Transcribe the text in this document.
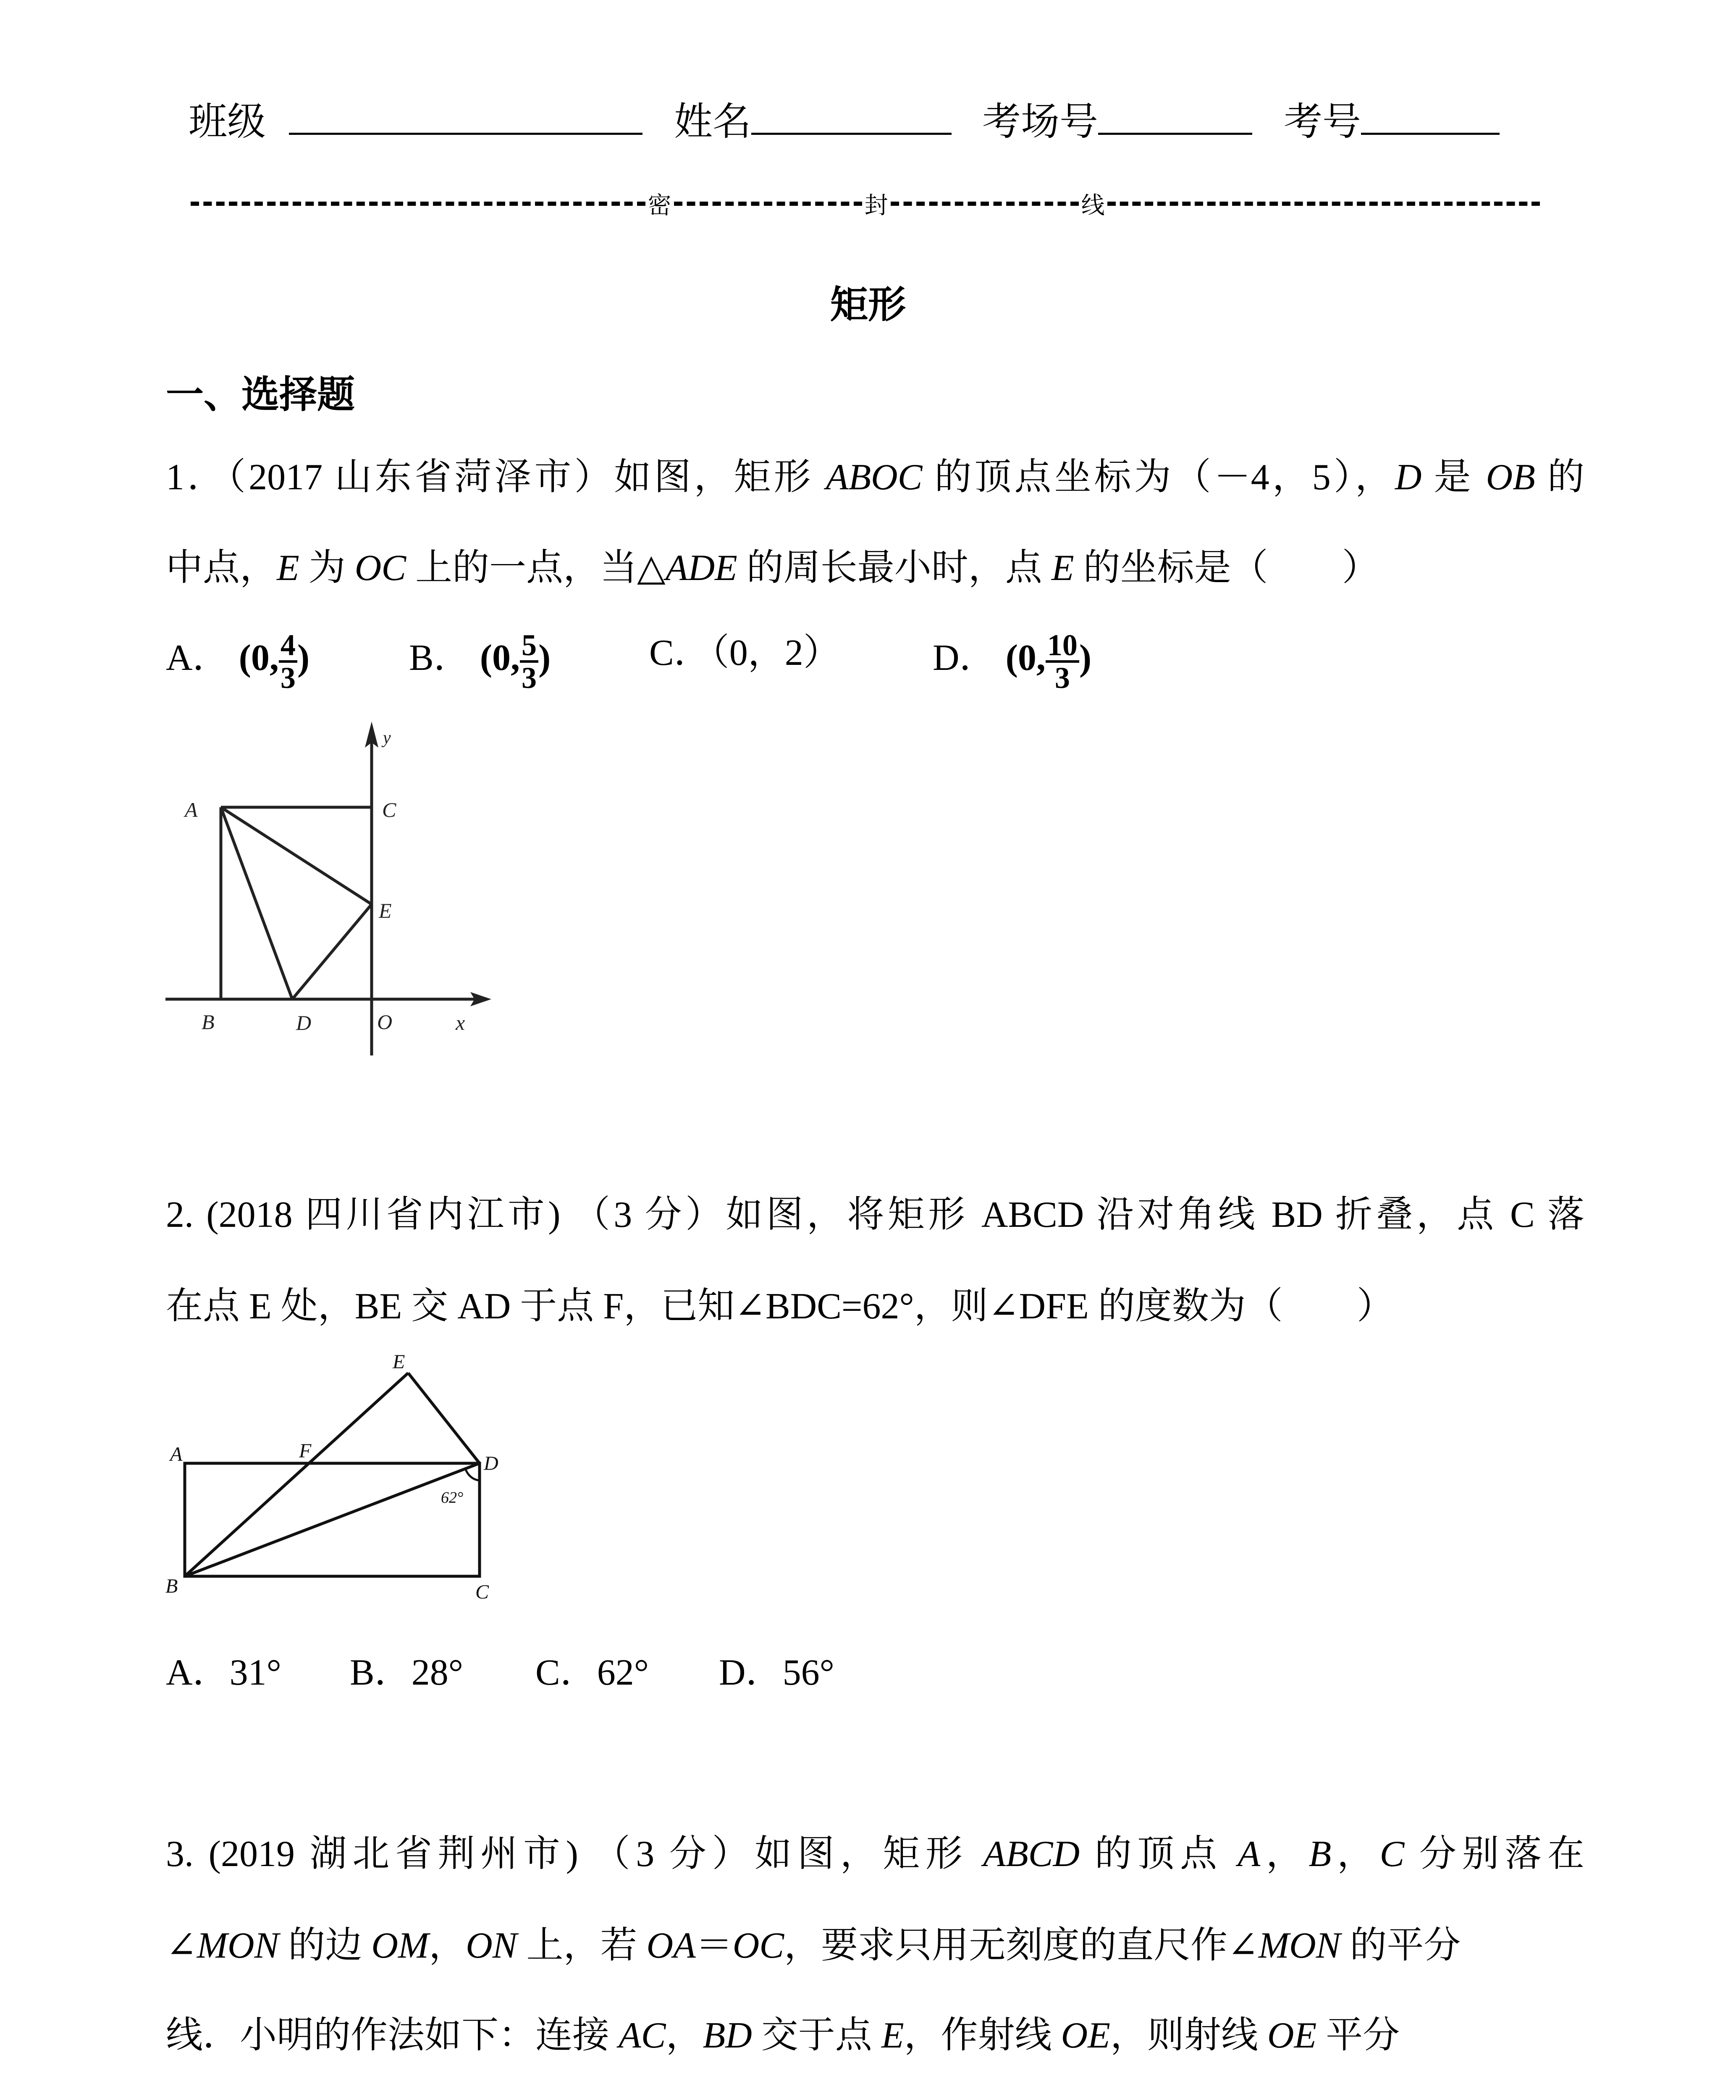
班级	姓名	考场号	考号
密	封	线
矩形
一、选择题
1．（2017 山东省菏泽市）如图，矩形 ABOC 的顶点坐标为（－4，5），D 是 OB 的
中点，E 为 OC 上的一点，当△ADE 的周长最小时，点 E 的坐标是（　　）
A． (0, $\frac{4}{3}$ )	B． (0, $\frac{5}{3}$ )	C．（0，2）	D． (0, $\frac{10}{3}$ )
A	C
E
B	D	O	x
y
2. (2018 四川省内江市) （3 分）如图，将矩形 ABCD 沿对角线 BD 折叠，点 C 落
在点 E 处，BE 交 AD 于点 F，已知∠BDC=62°，则∠DFE 的度数为（　　）
E
A	F
D
B	C
62°
A．31° B．28° C．62° D．56°
3. (2019 湖北省荆州市) （3 分）如图，矩形 ABCD 的顶点 A，B，C 分别落在
∠MON 的边 OM，ON 上，若 OA＝OC，要求只用无刻度的直尺作∠MON 的平分
线．小明的作法如下：连接 AC，BD 交于点 E，作射线 OE，则射线 OE 平分
